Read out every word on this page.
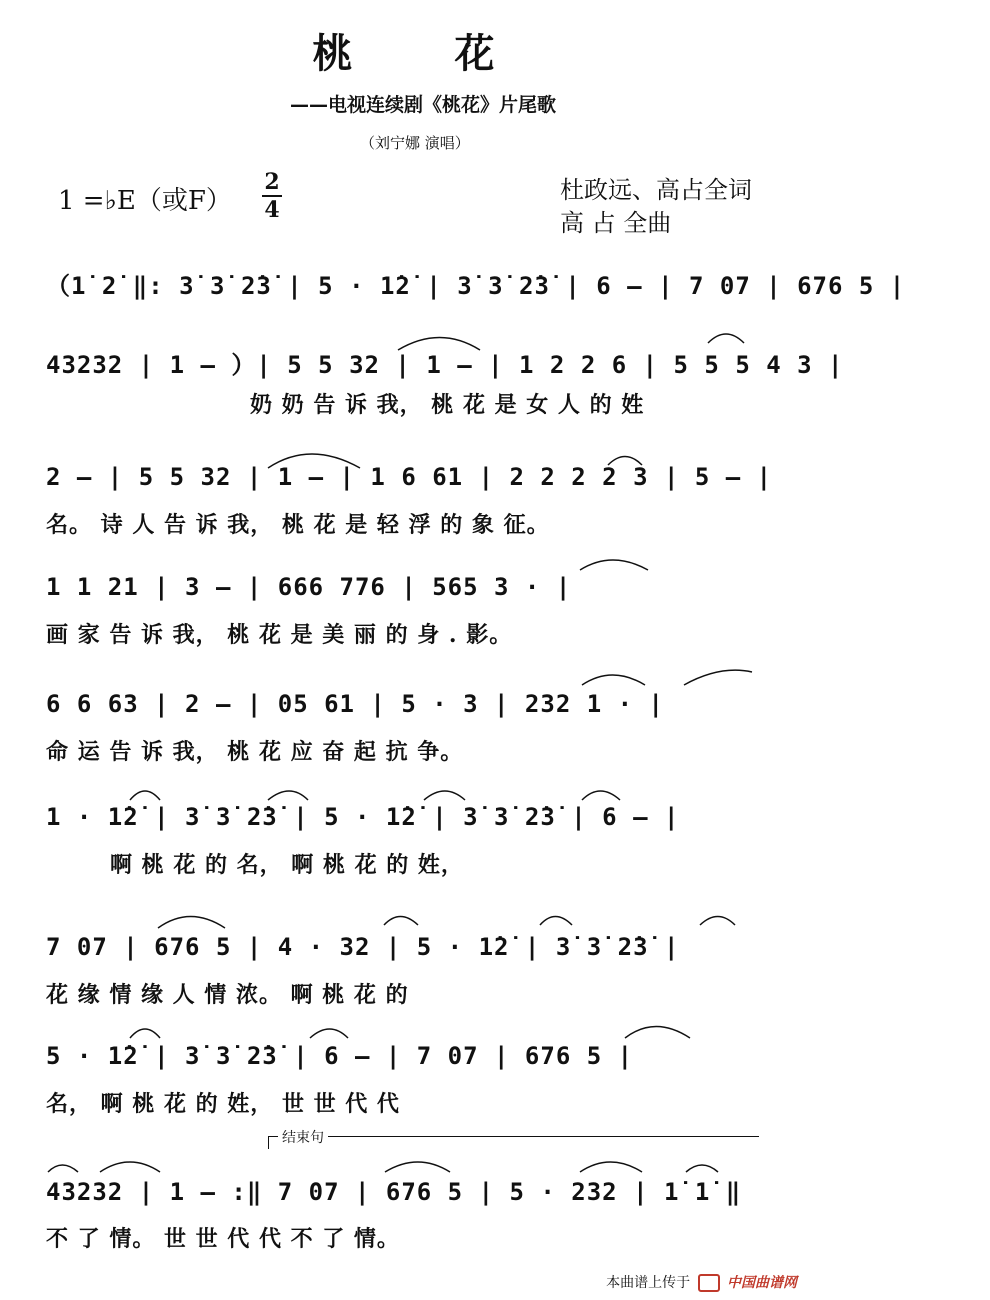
桃 花
——电视连续剧《桃花》片尾歌
（刘宁娜 演唱）
1 =♭E（或F）
2
4
杜政远、高占全词
高 占 全曲
（1̇ 2̇ ‖: 3̇ 3̇ 2̇3̇ | 5 · 1̇2̇ | 3̇ 3̇ 2̇3̇ | 6 – | 7 07 | 676 5 |
43232 | 1 – ）| 5 5 32 | 1 – | 1 2 2 6 | 5 5 5 4 3 |
奶 奶 告 诉 我， 桃 花 是 女 人 的 姓
2 – | 5 5 32 | 1 – | 1 6 61 | 2 2 2 2 3 | 5 – |
名。 诗 人 告 诉 我， 桃 花 是 轻 浮 的 象 征。
1 1 21 | 3 – | 666 776 | 565 3 · |
画 家 告 诉 我， 桃 花 是 美 丽 的 身 . 影。
6 6 63 | 2 – | 05 61 | 5 · 3 | 232 1 · |
命 运 告 诉 我， 桃 花 应 奋 起 抗 争。
1 · 1̇2̇ | 3̇ 3̇ 2̇3̇ | 5 · 1̇2̇ | 3̇ 3̇ 2̇3̇ | 6 – |
啊 桃 花 的 名， 啊 桃 花 的 姓，
7 07 | 676 5 | 4 · 32 | 5 · 1̇2̇ | 3̇ 3̇ 2̇3̇ |
花 缘 情 缘 人 情 浓。 啊 桃 花 的
5 · 1̇2̇ | 3̇ 3̇ 2̇3̇ | 6 – | 7 07 | 676 5 |
名， 啊 桃 花 的 姓， 世 世 代 代
结束句
43232 | 1 – :‖ 7 07 | 676 5 | 5 · 232 | 1̇ 1̇ ‖
不 了 情。 世 世 代 代 不 了 情。
本曲谱上传于	中国曲谱网
